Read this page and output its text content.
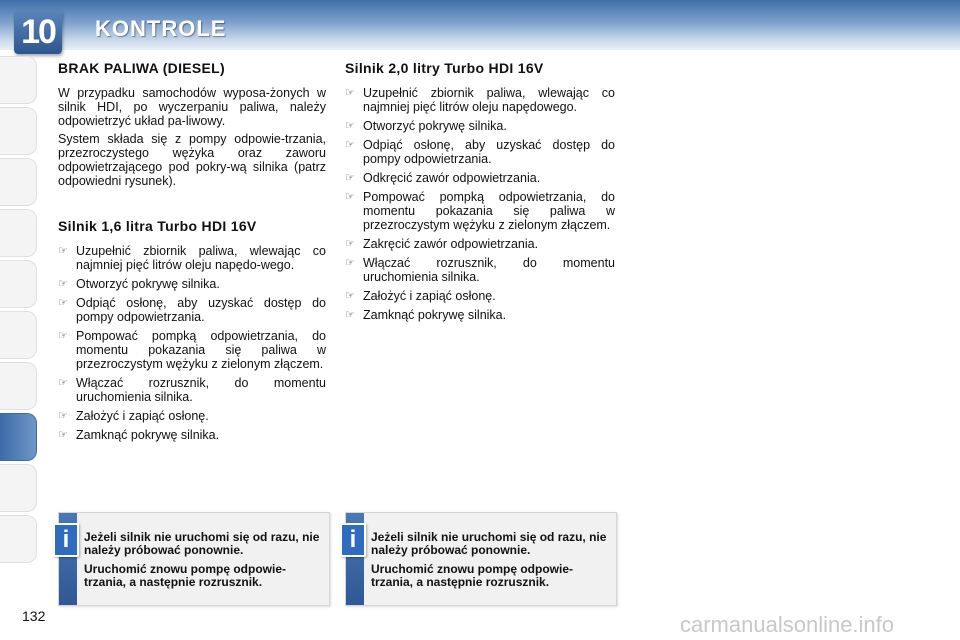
10	KONTROLE
BRAK PALIWA (DIESEL)

W przypadku samochodów wyposa-żonych w silnik HDI, po wyczerpaniu paliwa, należy odpowietrzyć układ pa-liwowy.

System składa się z pompy odpowie-trzania, przezroczystego wężyka oraz zaworu odpowietrzającego pod pokry-wą silnika (patrz odpowiedni rysunek).

Silnik 1,6 litra Turbo HDI 16V
☞ Uzupełnić zbiornik paliwa, wlewając co najmniej pięć litrów oleju napędo-wego.
☞ Otworzyć pokrywę silnika.
☞ Odpiąć osłonę, aby uzyskać dostęp do pompy odpowietrzania.
☞ Pompować pompką odpowietrzania, do momentu pokazania się paliwa w przezroczystym wężyku z zielonym złączem.
☞ Włączać rozrusznik, do momentu uruchomienia silnika.
☞ Założyć i zapiąć osłonę.
☞ Zamknąć pokrywę silnika.
Silnik 2,0 litry Turbo HDI 16V
☞ Uzupełnić zbiornik paliwa, wlewając co najmniej pięć litrów oleju napędowego.
☞ Otworzyć pokrywę silnika.
☞ Odpiąć osłonę, aby uzyskać dostęp do pompy odpowietrzania.
☞ Odkręcić zawór odpowietrzania.
☞ Pompować pompką odpowietrzania, do momentu pokazania się paliwa w przezroczystym wężyku z zielonym złączem.
☞ Zakręcić zawór odpowietrzania.
☞ Włączać rozrusznik, do momentu uruchomienia silnika.
☞ Założyć i zapiąć osłonę.
☞ Zamknąć pokrywę silnika.
i	Jeżeli silnik nie uruchomi się od razu, nie należy próbować ponownie.

Uruchomić znowu pompę odpowie-trzania, a następnie rozrusznik.

i	Jeżeli silnik nie uruchomi się od razu, nie należy próbować ponownie.

Uruchomić znowu pompę odpowie-trzania, a następnie rozrusznik.

132	carmanualsonline.info
